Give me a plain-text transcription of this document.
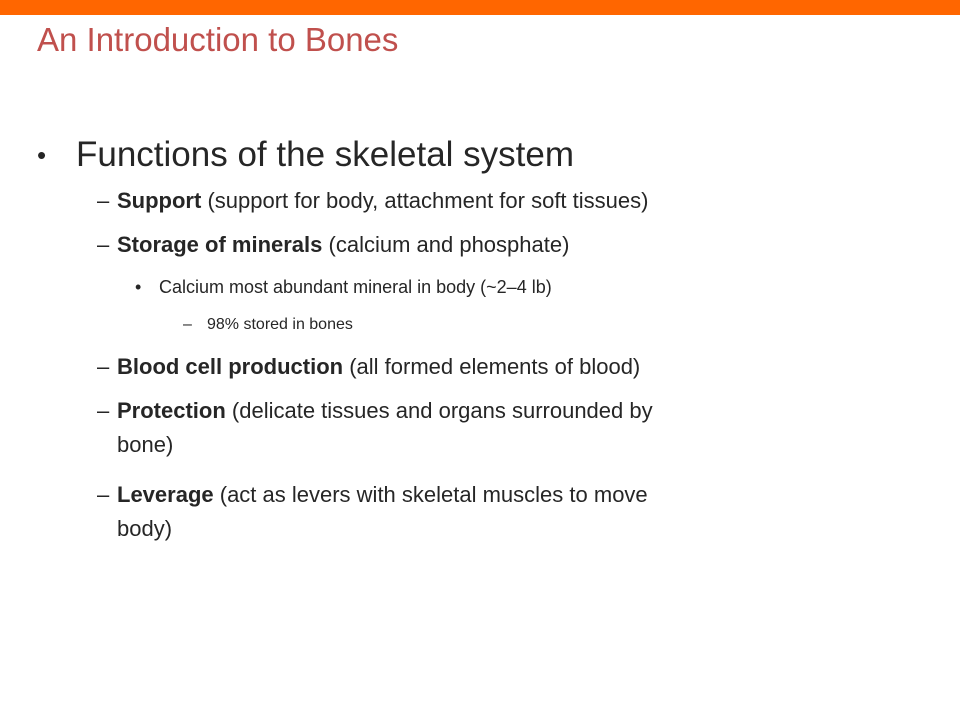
An Introduction to Bones
• Functions of the skeletal system
– Support (support for body, attachment for soft tissues)
– Storage of minerals (calcium and phosphate)
• Calcium most abundant mineral in body (~2–4 lb)
– 98% stored in bones
– Blood cell production (all formed elements of blood)
– Protection (delicate tissues and organs surrounded by
bone)
– Leverage (act as levers with skeletal muscles to move
body)
